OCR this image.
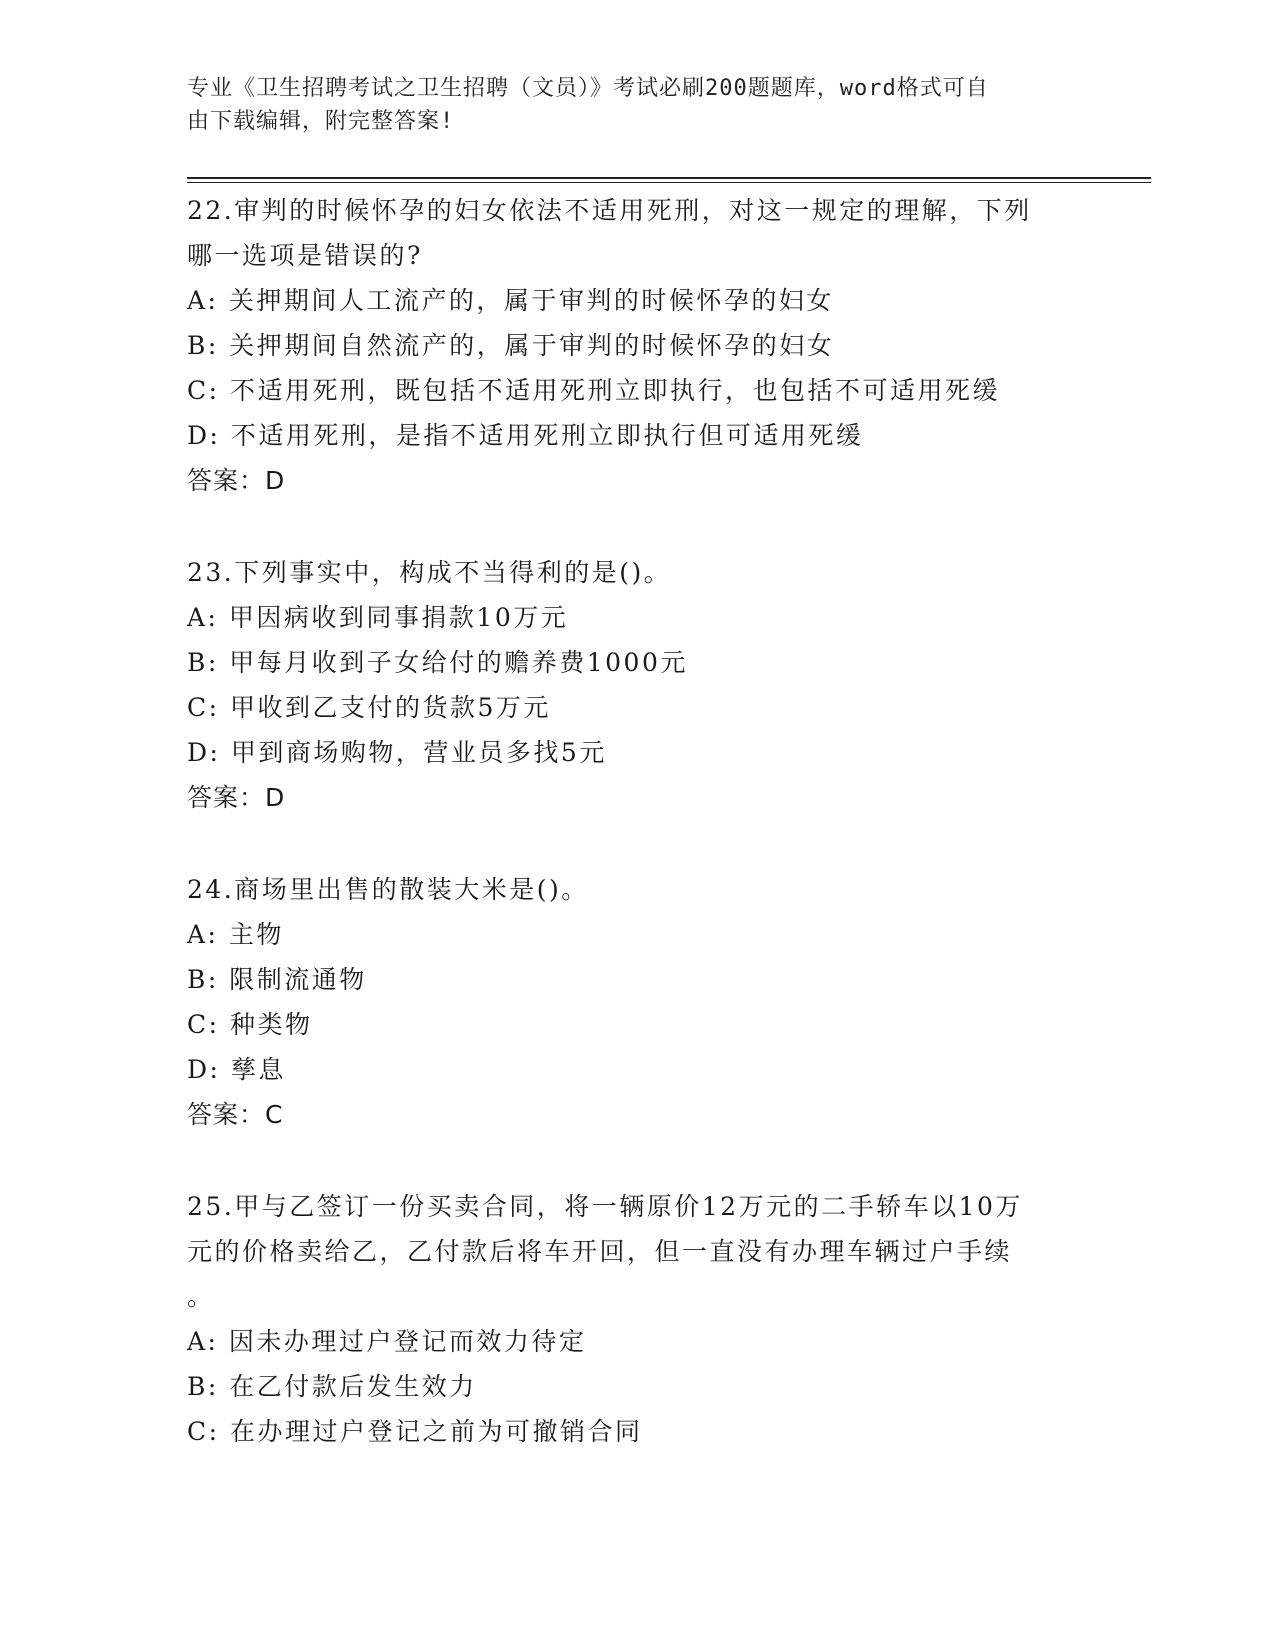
专业《卫生招聘考试之卫生招聘（文员）》考试必刷200题题库，word格式可自
由下载编辑，附完整答案!

22.审判的时候怀孕的妇女依法不适用死刑，对这一规定的理解，下列

哪一选项是错误的?

A: 关押期间人工流产的，属于审判的时候怀孕的妇女

B: 关押期间自然流产的，属于审判的时候怀孕的妇女

C: 不适用死刑，既包括不适用死刑立即执行，也包括不可适用死缓

D: 不适用死刑，是指不适用死刑立即执行但可适用死缓

答案：D

23.下列事实中，构成不当得利的是()。

A: 甲因病收到同事捐款10万元

B: 甲每月收到子女给付的赡养费1000元

C: 甲收到乙支付的货款5万元

D: 甲到商场购物，营业员多找5元

答案：D

24.商场里出售的散装大米是()。

A: 主物

B: 限制流通物

C: 种类物

D: 孳息

答案：C

25.甲与乙签订一份买卖合同，将一辆原价12万元的二手轿车以10万

元的价格卖给乙，乙付款后将车开回，但一直没有办理车辆过户手续

。

A: 因未办理过户登记而效力待定

B: 在乙付款后发生效力

C: 在办理过户登记之前为可撤销合同
